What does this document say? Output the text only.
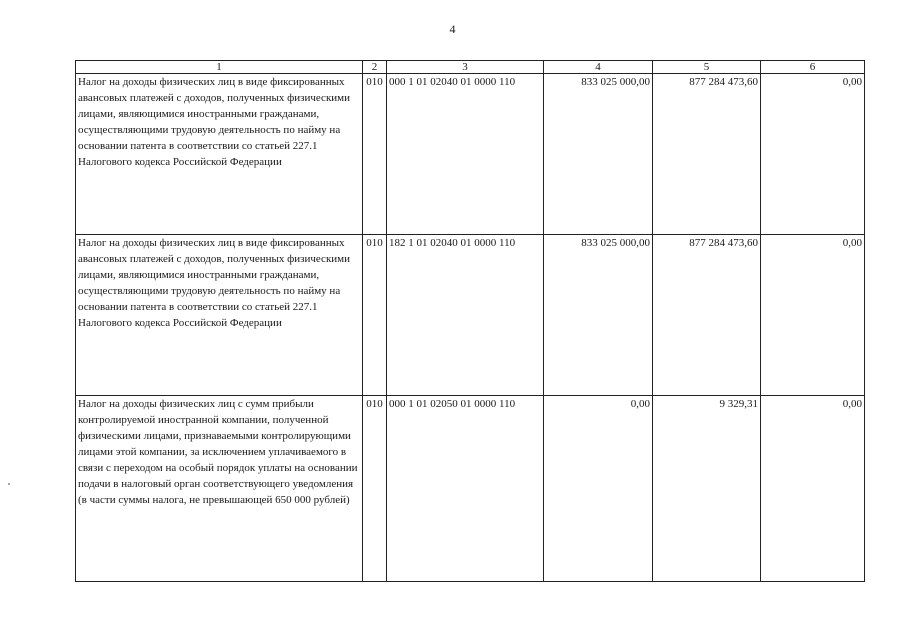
4
1	2	3	4	5	6
Налог на доходы физических лиц в виде фиксированных авансовых платежей с доходов, полученных физическими лицами, являющимися иностранными гражданами, осуществляющими трудовую деятельность по найму на основании патента в соответствии со статьей 227.1 Налогового кодекса Российской Федерации	010	000 1 01 02040 01 0000 110	833 025 000,00	877 284 473,60	0,00
Налог на доходы физических лиц в виде фиксированных авансовых платежей с доходов, полученных физическими лицами, являющимися иностранными гражданами, осуществляющими трудовую деятельность по найму на основании патента в соответствии со статьей 227.1 Налогового кодекса Российской Федерации	010	182 1 01 02040 01 0000 110	833 025 000,00	877 284 473,60	0,00
Налог на доходы физических лиц с сумм прибыли контролируемой иностранной компании, полученной физическими лицами, признаваемыми контролирующими лицами этой компании, за исключением уплачиваемого в связи с переходом на особый порядок уплаты на основании подачи в налоговый орган соответствующего уведомления (в части суммы налога, не превышающей 650 000 рублей)	010	000 1 01 02050 01 0000 110	0,00	9 329,31	0,00
